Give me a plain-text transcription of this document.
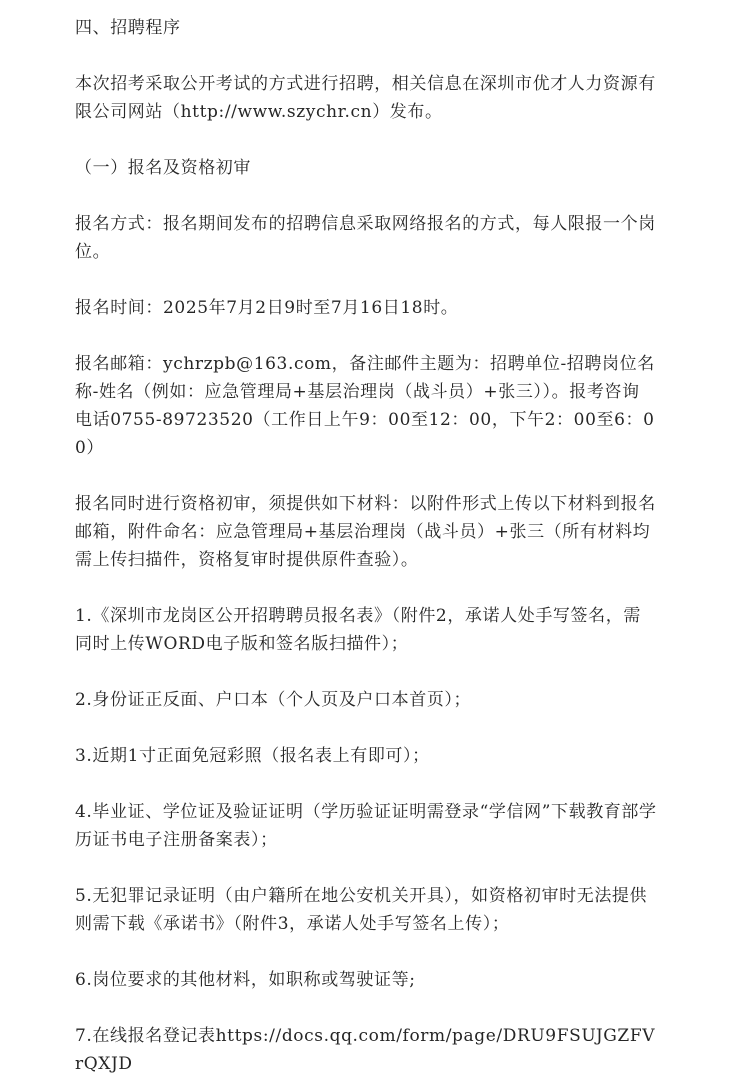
四、招聘程序

本次招考采取公开考试的方式进行招聘，相关信息在深圳市优才人力资源有限公司网站（http://www.szychr.cn）发布。

（一）报名及资格初审

报名方式：报名期间发布的招聘信息采取网络报名的方式，每人限报一个岗位。

报名时间：2025年7月2日9时至7月16日18时。

报名邮箱：ychrzpb@163.com，备注邮件主题为：招聘单位-招聘岗位名称-姓名（例如：应急管理局+基层治理岗（战斗员）+张三））。报考咨询电话0755-89723520（工作日上午9：00至12：00，下午2：00至6：00）

报名同时进行资格初审，须提供如下材料：以附件形式上传以下材料到报名邮箱，附件命名：应急管理局+基层治理岗（战斗员）+张三（所有材料均需上传扫描件，资格复审时提供原件查验）。

1.《深圳市龙岗区公开招聘聘员报名表》（附件2，承诺人处手写签名，需同时上传WORD电子版和签名版扫描件）；

2.身份证正反面、户口本（个人页及户口本首页）；

3.近期1寸正面免冠彩照（报名表上有即可）；

4.毕业证、学位证及验证证明（学历验证证明需登录“学信网”下载教育部学历证书电子注册备案表）；

5.无犯罪记录证明（由户籍所在地公安机关开具），如资格初审时无法提供则需下载《承诺书》（附件3，承诺人处手写签名上传）；

6.岗位要求的其他材料，如职称或驾驶证等;

7.在线报名登记表https://docs.qq.com/form/page/DRU9FSUJGZFVrQXJD
